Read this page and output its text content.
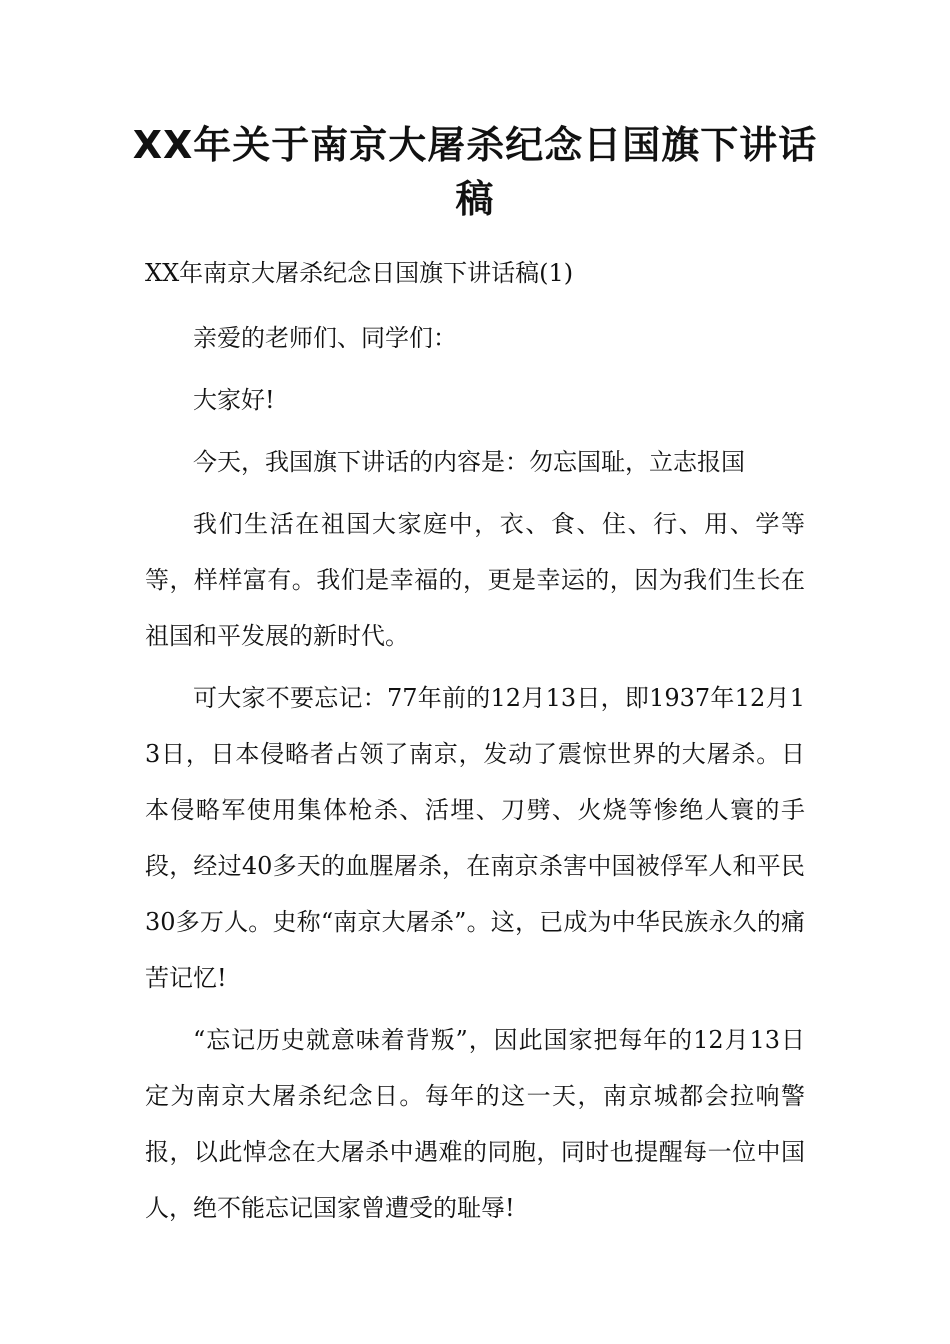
XX年关于南京大屠杀纪念日国旗下讲话稿
XX年南京大屠杀纪念日国旗下讲话稿(1)

亲爱的老师们、同学们：

大家好!

今天，我国旗下讲话的内容是：勿忘国耻，立志报国

我们生活在祖国大家庭中，衣、食、住、行、用、学等等，样样富有。我们是幸福的，更是幸运的，因为我们生长在祖国和平发展的新时代。

可大家不要忘记：77年前的12月13日，即1937年12月13日，日本侵略者占领了南京，发动了震惊世界的大屠杀。日本侵略军使用集体枪杀、活埋、刀劈、火烧等惨绝人寰的手段，经过40多天的血腥屠杀，在南京杀害中国被俘军人和平民30多万人。史称“南京大屠杀”。这，已成为中华民族永久的痛苦记忆!

“忘记历史就意味着背叛”，因此国家把每年的12月13日定为南京大屠杀纪念日。每年的这一天，南京城都会拉响警报，以此悼念在大屠杀中遇难的同胞，同时也提醒每一位中国人，绝不能忘记国家曾遭受的耻辱!
